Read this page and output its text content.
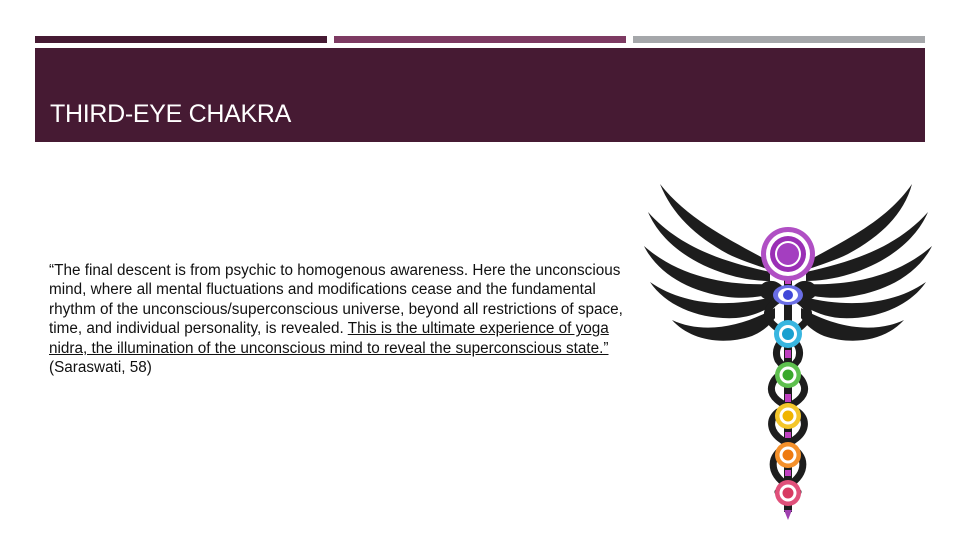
THIRD-EYE CHAKRA
“The final descent is from psychic to homogenous awareness. Here the unconscious mind, where all mental fluctuations and modifications cease and the fundamental rhythm of the unconscious/superconscious universe, beyond all restrictions of space, time, and individual personality, is revealed. This is the ultimate experience of yoga nidra, the illumination of the unconscious mind to reveal the superconscious state.” (Saraswati, 58)
